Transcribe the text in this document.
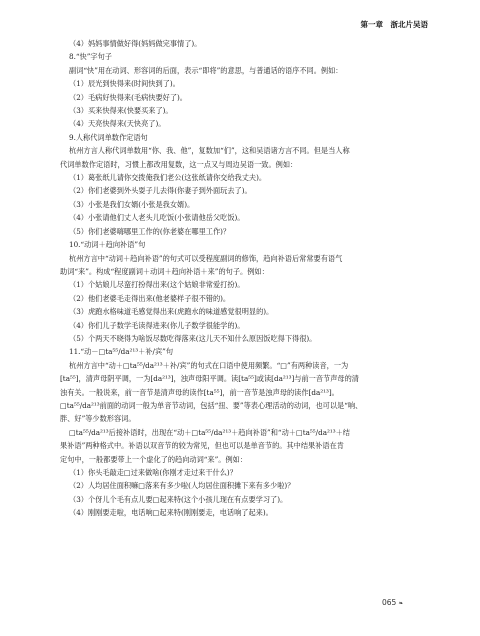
第一章　浙北片吴语
（4）妈妈事情做好得(妈妈做完事情了)。
8.“快”字句子
副词“快”用在动词、形容词的后面，表示“即将”的意思，与普通话的语序不同。例如：
（1）辰光到快得来(时间快到了)。
（2）毛病好快得来(毛病快要好了)。
（3）买来快得来(快要买来了)。
（4）天亮快得来(天快亮了)。
9.人称代词单数作定语句
杭州方言人称代词单数用“你、我、他”，复数加“们”，这和吴语诸方言不同。但是当人称
代词单数作定语时，习惯上都改用复数，这一点又与周边吴语一致。例如：
（1）葛张纸儿请你交拨俺我们老公(这张纸请你交给我丈夫)。
（2）你们老婆到外头耍子儿去得(你妻子到外面玩去了)。
（3）小张是我们女婿(小张是我女婿)。
（4）小张请他们丈人老头儿吃饭(小张请他岳父吃饭)。
（5）你们老婆嗨哪里工作的(你老婆在哪里工作)？
10.“动词＋趋向补语”句
杭州方言中“动词＋趋向补语”的句式可以受程度副词的修饰，趋向补语后常常要有语气
助词“来”。构成“程度副词＋动词＋趋向补语＋来”的句子。例如：
（1）个姑娘儿尽蛮打扮得出来(这个姑娘非常爱打扮)。
（2）他们老婆毛走得出来(他老婆样子很不错的)。
（3）虎跑水格味道毛感觉得出来(虎跑水的味道感觉很明显的)。
（4）你们儿子数学毛读得进来(你儿子数学很能学的)。
（5）个两天不晓得为啥饭尽数吃得落来(这儿天不知什么原因饭吃得下得很)。
11.“动－□ta⁵⁵/da²¹³＋补/宾”句
杭州方言中“动＋□ta⁵⁵/da²¹³＋补/宾”的句式在口语中使用频繁。“□”有两种读音，一为
[ta⁵⁵]，清声母阴平调，一为[da²¹³]，浊声母阳平调。读[ta⁵⁵]或读[da²¹³]与前一音节声母的清
浊有关。一般说来，前一音节是清声母的读作[ta⁵⁵]，前一音节是浊声母的读作[da²¹³]。
□ta⁵⁵/da²¹³前面的动词一般为单音节动词，包括“扭、要”等表心理活动的动词，也可以是“响、
胖、好”等少数形容词。
□ta⁵⁵/da²¹³后接补语时，出现在“动＋□ta⁵⁵/da²¹³＋趋向补语”和“动＋□ta⁵⁵/da²¹³＋结
果补语”两种格式中。补语以双音节的较为常见，但也可以是单音节的。其中结果补语在肯
定句中，一般都要带上一个虚化了的趋向动词“来”。例如：
（1）你头毛敲走□过来做啥(你刚才走过来干什么)？
（2）人均居住面积嘛□落来有多少啦(人均居住面积摊下来有多少啦)？
（3）个伢儿个毛有点儿要□起来特(这个小孩儿现在有点要学习了)。
（4）刚刚要走啦，电话响□起来特(刚刚要走，电话响了起来)。
065 ❧
